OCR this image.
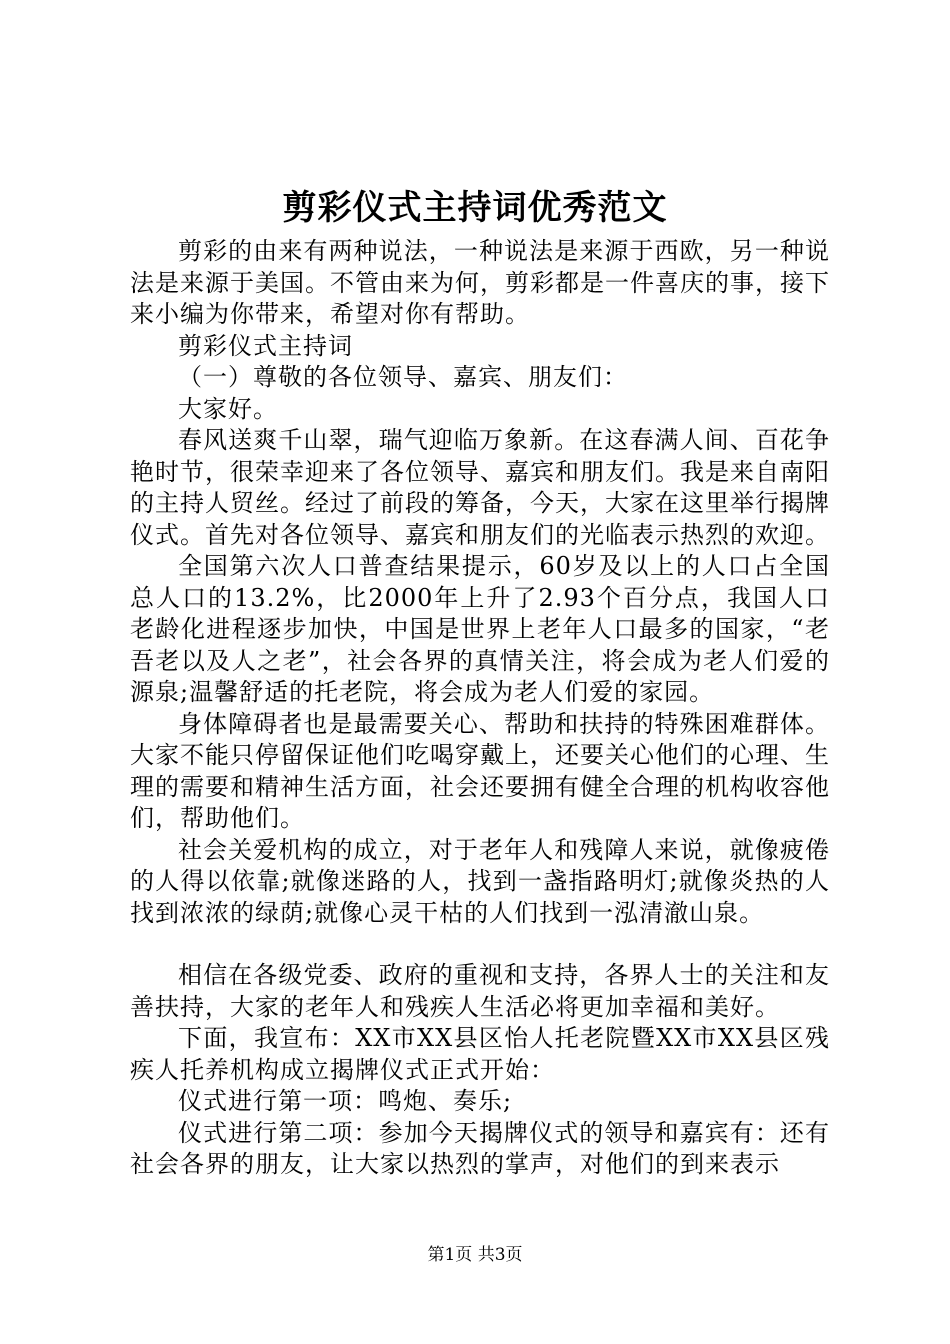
剪彩仪式主持词优秀范文

剪彩的由来有两种说法，一种说法是来源于西欧，另一种说法是来源于美国。不管由来为何，剪彩都是一件喜庆的事，接下来小编为你带来，希望对你有帮助。

剪彩仪式主持词

（一）尊敬的各位领导、嘉宾、朋友们：

大家好。

春风送爽千山翠，瑞气迎临万象新。在这春满人间、百花争艳时节，很荣幸迎来了各位领导、嘉宾和朋友们。我是来自南阳的主持人贸丝。经过了前段的筹备，今天，大家在这里举行揭牌仪式。首先对各位领导、嘉宾和朋友们的光临表示热烈的欢迎。

全国第六次人口普查结果提示，60岁及以上的人口占全国总人口的13.2%，比2000年上升了2.93个百分点，我国人口老龄化进程逐步加快，中国是世界上老年人口最多的国家，“老吾老以及人之老”，社会各界的真情关注，将会成为老人们爱的源泉;温馨舒适的托老院，将会成为老人们爱的家园。

身体障碍者也是最需要关心、帮助和扶持的特殊困难群体。大家不能只停留保证他们吃喝穿戴上，还要关心他们的心理、生理的需要和精神生活方面，社会还要拥有健全合理的机构收容他们，帮助他们。

社会关爱机构的成立，对于老年人和残障人来说，就像疲倦的人得以依靠;就像迷路的人，找到一盏指路明灯;就像炎热的人找到浓浓的绿荫;就像心灵干枯的人们找到一泓清澈山泉。

相信在各级党委、政府的重视和支持，各界人士的关注和友善扶持，大家的老年人和残疾人生活必将更加幸福和美好。

下面，我宣布：XX市XX县区怡人托老院暨XX市XX县区残疾人托养机构成立揭牌仪式正式开始：

仪式进行第一项：鸣炮、奏乐;

仪式进行第二项：参加今天揭牌仪式的领导和嘉宾有：还有社会各界的朋友，让大家以热烈的掌声，对他们的到来表示

第1页 共3页
